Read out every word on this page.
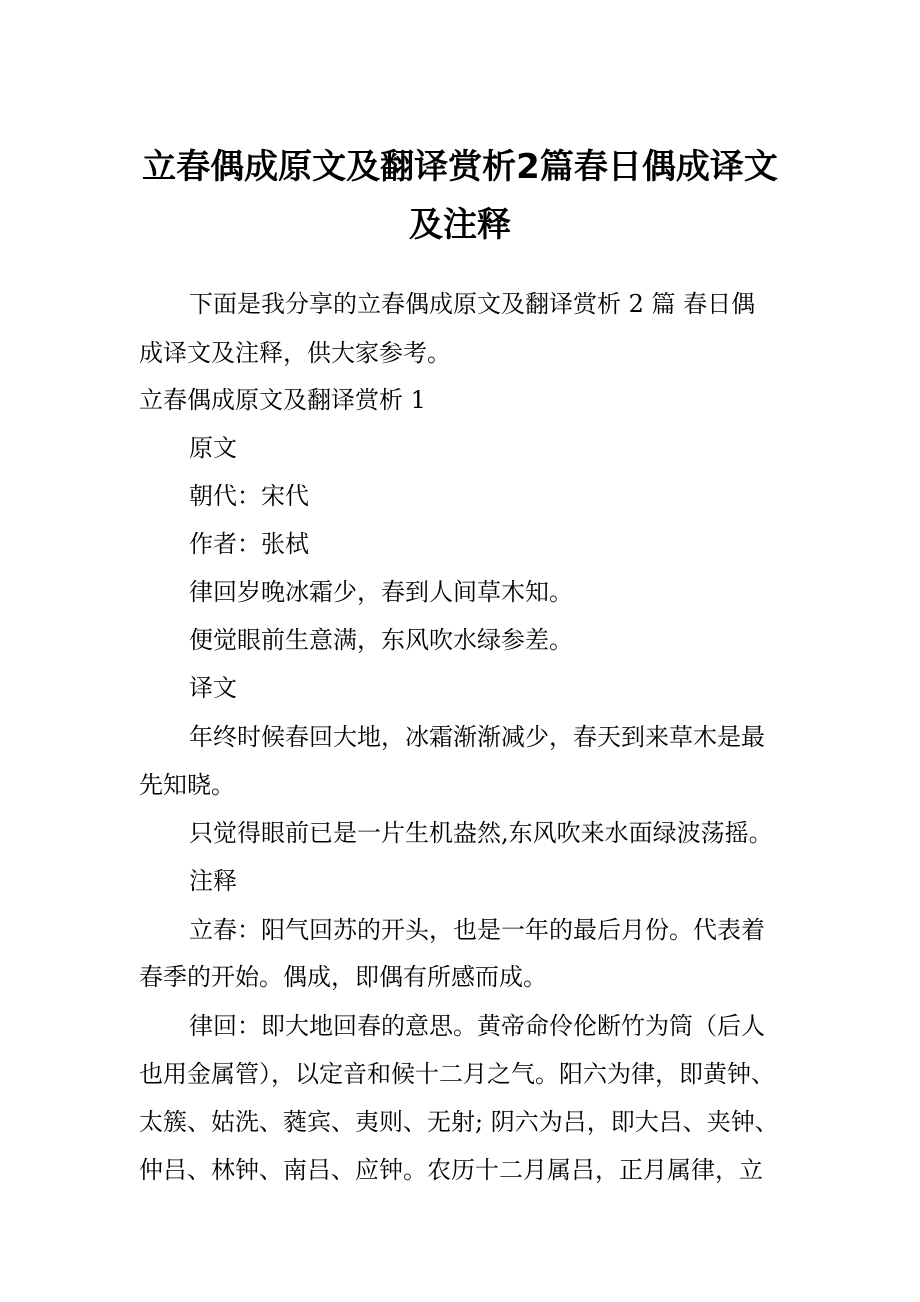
立春偶成原文及翻译赏析2篇春日偶成译文
及注释

下面是我分享的立春偶成原文及翻译赏析 2 篇 春日偶

成译文及注释，供大家参考。

立春偶成原文及翻译赏析 1

原文

朝代：宋代

作者：张栻

律回岁晚冰霜少，春到人间草木知。

便觉眼前生意满，东风吹水绿参差。

译文

年终时候春回大地，冰霜渐渐减少，春天到来草木是最

先知晓。

只觉得眼前已是一片生机盎然,东风吹来水面绿波荡摇。

注释

立春：阳气回苏的开头，也是一年的最后月份。代表着

春季的开始。偶成，即偶有所感而成。

律回：即大地回春的意思。黄帝命伶伦断竹为筒（后人

也用金属管），以定音和候十二月之气。阳六为律，即黄钟、

太簇、姑洗、蕤宾、夷则、无射; 阴六为吕，即大吕、夹钟、

仲吕、林钟、南吕、应钟。农历十二月属吕，正月属律，立
